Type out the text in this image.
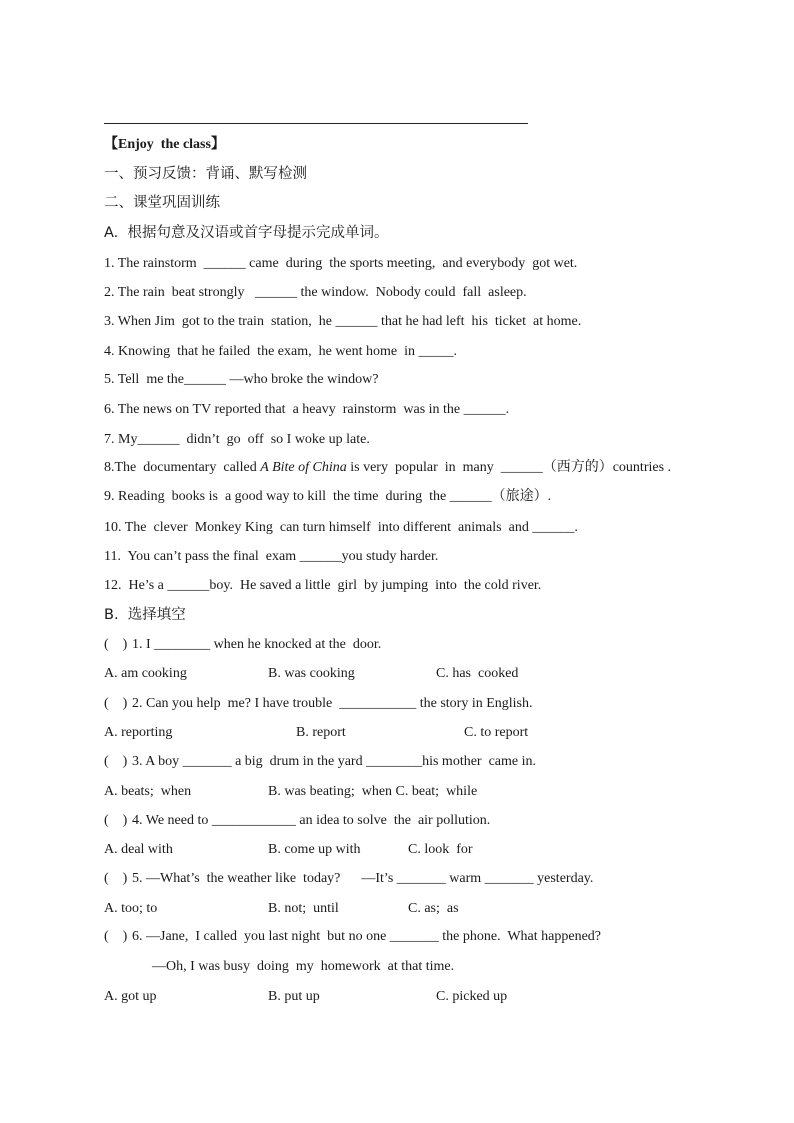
【Enjoy  the class】
一、预习反馈：背诵、默写检测
二、课堂巩固训练
A.  根据句意及汉语或首字母提示完成单词。
1. The rainstorm  ______ came  during  the sports meeting,  and everybody  got wet.
2. The rain  beat strongly   ______ the window.  Nobody could  fall  asleep.
3. When Jim  got to the train  station,  he ______ that he had left  his  ticket  at home.
4. Knowing  that he failed  the exam,  he went home  in _____.
5. Tell  me the______ —who broke the window?
6. The news on TV reported that  a heavy  rainstorm  was in the ______.
7. My______  didn’t  go  off  so I woke up late.
8.The  documentary  called A Bite of China is very  popular  in  many  ______（西方的）countries .
9. Reading  books is  a good way to kill  the time  during  the ______（旅途）.
10. The  clever  Monkey King  can turn himself  into different  animals  and ______.
11.  You can’t pass the final  exam ______you study harder.
12.  He’s a ______boy.  He saved a little  girl  by jumping  into  the cold river.
B.  选择填空
(    ) 1. I ________ when he knocked at the  door.
A. am cooking	B. was cooking	C. has  cooked
(    ) 2. Can you help  me? I have trouble  ___________ the story in English.
A. reporting	B. report	C. to report
(    ) 3. A boy _______ a big  drum in the yard ________his mother  came in.
A. beats;  when	B. was beating;  when C. beat;  while
(    ) 4. We need to ____________ an idea to solve  the  air pollution.
A. deal with	B. come up with	C. look  for
(    ) 5. —What’s  the weather like  today?      —It’s _______ warm _______ yesterday.
A. too; to	B. not;  until	C. as;  as
(    ) 6. —Jane,  I called  you last night  but no one _______ the phone.  What happened?
—Oh, I was busy  doing  my  homework  at that time.
A. got up	B. put up	C. picked up
